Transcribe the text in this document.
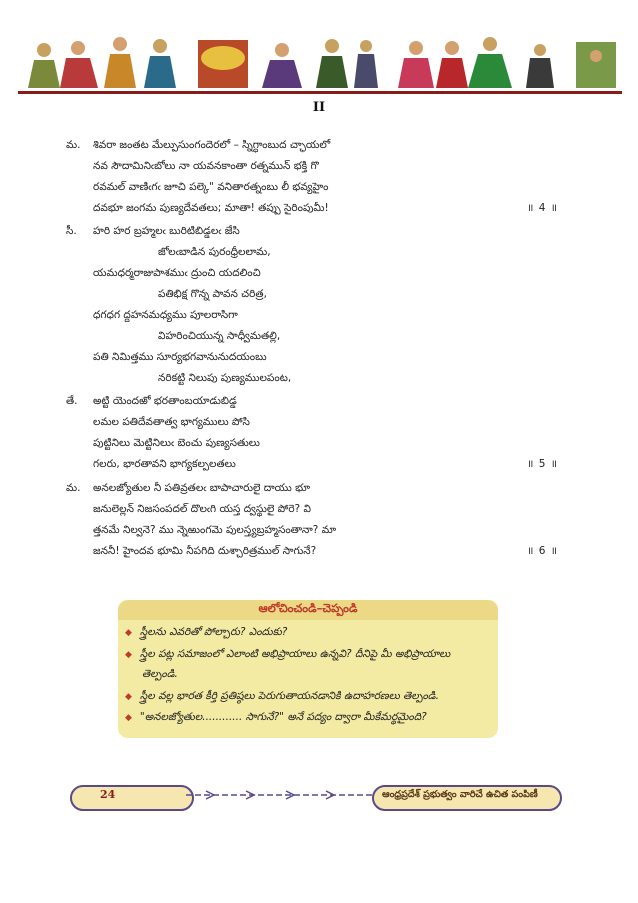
II
మ. శివరా జంతట మేల్పుసుంగందెరలో – స్నిగ్ధాంబుద చ్ఛాయలో
నవ సౌదామినిఁబోలు నా యవనకాంతా రత్నమున్ భక్తి గొ
రవమల్ వాణిఁగఁ జూచి పల్కె" వనితారత్నంబు లీ భవ్యహైం
దవభూ జంగమ పుణ్యదేవతలు; మాతా! తప్పు సైరింపుమీ!	॥ 4 ॥
సీ. హరి హర బ్రహ్మలఁ బురిటిబిడ్డలఁ జేసి
జోలఁబాడిన పురంధ్రీలలామ,
యమధర్మరాజుపాశముఁ ద్రుంచి యదలించి
పతిభిక్ష గొన్న పావన చరిత్ర,
ధగధగ ద్దహనమధ్యము పూలరాసిగా
విహరించియున్న సాధ్వీమతల్లి,
పతి నిమిత్తము సూర్యభగవానునుదయంబు
నరికట్టి నిలుపు పుణ్యములపంట,
తే. అట్టి యెందఱో భరతాంబయాడుబిడ్డ
లమల పతిదేవతాత్వ భాగ్యములు పోసి
పుట్టినిలు మెట్టినిలుఁ బెంచు పుణ్యసతులు
గలరు, భారతావని భాగ్యకల్పలతలు	॥ 5 ॥
మ. అనలజ్యోతుల నీ పతివ్రతలఁ బాపాచారులై దాయు భూ
జనులెల్లన్ నిజసంపదల్ దొలఁగి యస్త ద్వస్థులై పోరె? వి
త్తనమే నిల్వనె? ము న్నెఱుంగమె పులస్త్యబ్రహ్మసంతానా? మా
జననీ! హైందవ భూమి నీపగిది దుశ్చారిత్రముల్ సాగునే?	॥ 6 ॥
ఆలోచించండి–చెప్పండి
◆ స్త్రీలను ఎవరితో పోల్చారు? ఎందుకు?
◆ స్త్రీల పట్ల సమాజంలో ఎలాంటి అభిప్రాయాలు ఉన్నవి? దీనిపై మీ అభిప్రాయాలు
తెల్పండి.
◆ స్త్రీల వల్ల భారత కీర్తి ప్రతిష్ఠలు పెరుగుతాయనడానికి ఉదాహరణలు తెల్పండి.
◆ "అనలజ్యోతుల............ సాగునే?" అనే పద్యం ద్వారా మీకేమర్థమైంది?
24	ఆంధ్రప్రదేశ్ ప్రభుత్వం వారిచే ఉచిత పంపిణీ
